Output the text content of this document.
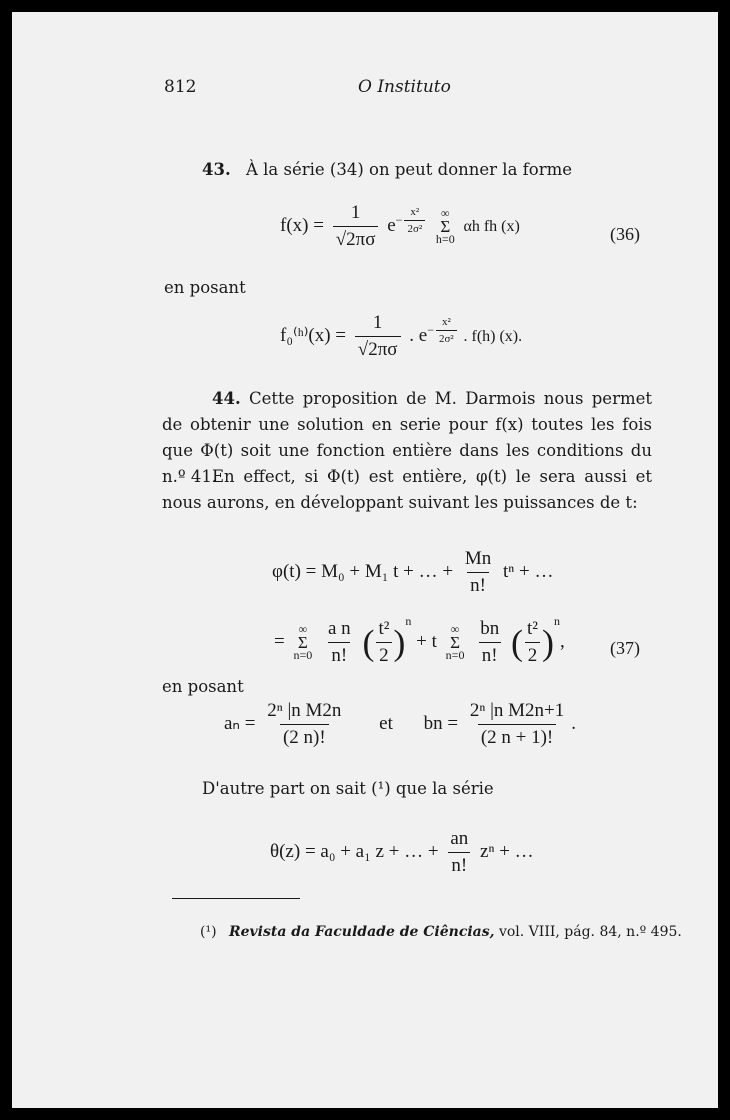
812	O Instituto
43. À la série (34) on peut donner la forme
$f(x) = \frac{1}{√2\pi\sigma}$ $e - \frac{\text{x²}}{\text{2σ²}}$
∞
Σ
h=0
αh fh (x)	(36)
en posant
f₀⁽ʰ⁾(x) = $\frac{1}{√2\pi\sigma}$ . $e - \frac{\text{x²}}{\text{2σ²}}$ . f(h) (x).
44. Cette proposition de M. Darmois nous permet de obtenir une solution en serie pour f(x) toutes les fois que Φ(t) soit une fonction entière dans les conditions du n.º 41.
En effect, si Φ(t) est entière, φ(t) le sera aussi et nous aurons, en développant suivant les puissances de t:
φ(t) = M₀ + M₁ t + … + $\frac{Mn}{n!}$ tⁿ + …
=
∞
Σ
n=0
$\frac{\text{a n}}{n!}$ ( $\frac{\text{t²}}{2} )^n + t$
∞
Σ
n=0
$\frac{bn}{n!}$ ( $\frac{\text{t²}}{2} )^n$,	(37)
en posant
$a_n = \frac{\text{2ⁿ |n M2n}}{(2 n)!}$ et bn = $\frac{\text{2ⁿ |n M2n+1}}{(2 n + 1)!}$ .
D'autre part on sait (¹) que la série
θ(z) = a₀ + a₁ z + … + $\frac{an}{n!}$ zⁿ + …
(¹) Revista da Faculdade de Ciências, vol. VIII, pág. 84, n.º 495.
